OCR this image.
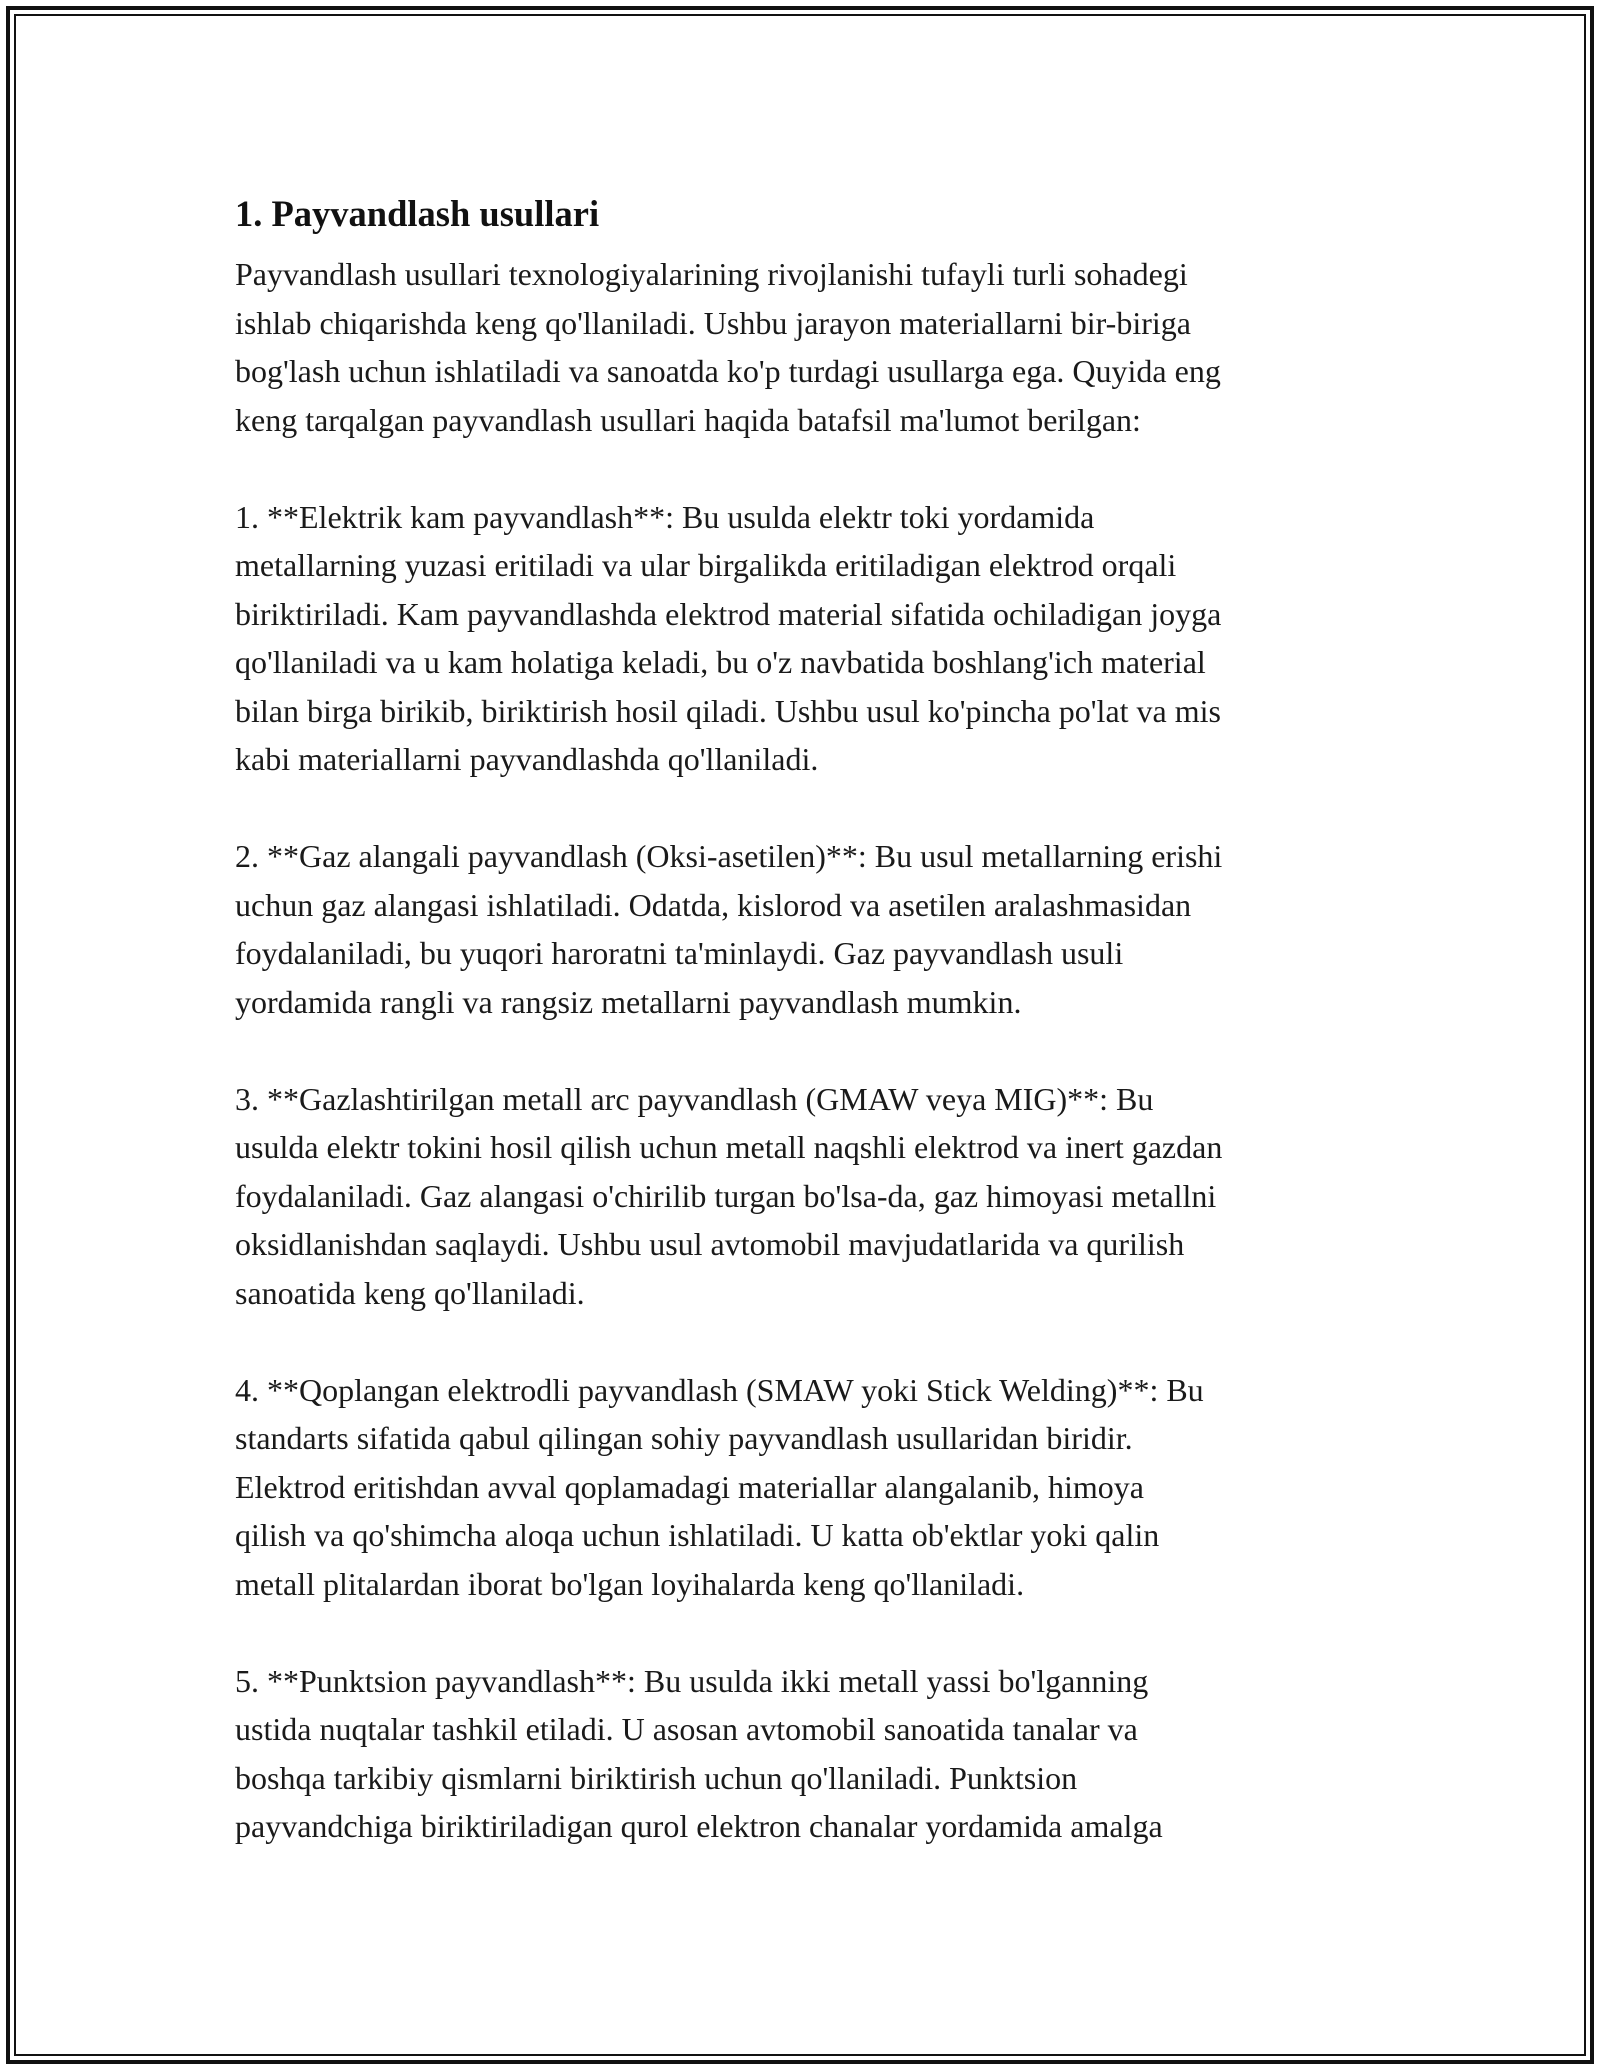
1. Payvandlash usullari

Payvandlash usullari texnologiyalarining rivojlanishi tufayli turli sohadegi
ishlab chiqarishda keng qo'llaniladi. Ushbu jarayon materiallarni bir-biriga
bog'lash uchun ishlatiladi va sanoatda ko'p turdagi usullarga ega. Quyida eng
keng tarqalgan payvandlash usullari haqida batafsil ma'lumot berilgan:

1. **Elektrik kam payvandlash**: Bu usulda elektr toki yordamida
metallarning yuzasi eritiladi va ular birgalikda eritiladigan elektrod orqali
biriktiriladi. Kam payvandlashda elektrod material sifatida ochiladigan joyga
qo'llaniladi va u kam holatiga keladi, bu o'z navbatida boshlang'ich material
bilan birga birikib, biriktirish hosil qiladi. Ushbu usul ko'pincha po'lat va mis
kabi materiallarni payvandlashda qo'llaniladi.

2. **Gaz alangali payvandlash (Oksi-asetilen)**: Bu usul metallarning erishi
uchun gaz alangasi ishlatiladi. Odatda, kislorod va asetilen aralashmasidan
foydalaniladi, bu yuqori haroratni ta'minlaydi. Gaz payvandlash usuli
yordamida rangli va rangsiz metallarni payvandlash mumkin.

3. **Gazlashtirilgan metall arc payvandlash (GMAW veya MIG)**: Bu
usulda elektr tokini hosil qilish uchun metall naqshli elektrod va inert gazdan
foydalaniladi. Gaz alangasi o'chirilib turgan bo'lsa-da, gaz himoyasi metallni
oksidlanishdan saqlaydi. Ushbu usul avtomobil mavjudatlarida va qurilish
sanoatida keng qo'llaniladi.

4. **Qoplangan elektrodli payvandlash (SMAW yoki Stick Welding)**: Bu
standarts sifatida qabul qilingan sohiy payvandlash usullaridan biridir.
Elektrod eritishdan avval qoplamadagi materiallar alangalanib, himoya
qilish va qo'shimcha aloqa uchun ishlatiladi. U katta ob'ektlar yoki qalin
metall plitalardan iborat bo'lgan loyihalarda keng qo'llaniladi.

5. **Punktsion payvandlash**: Bu usulda ikki metall yassi bo'lganning
ustida nuqtalar tashkil etiladi. U asosan avtomobil sanoatida tanalar va
boshqa tarkibiy qismlarni biriktirish uchun qo'llaniladi. Punktsion
payvandchiga biriktiriladigan qurol elektron chanalar yordamida amalga
